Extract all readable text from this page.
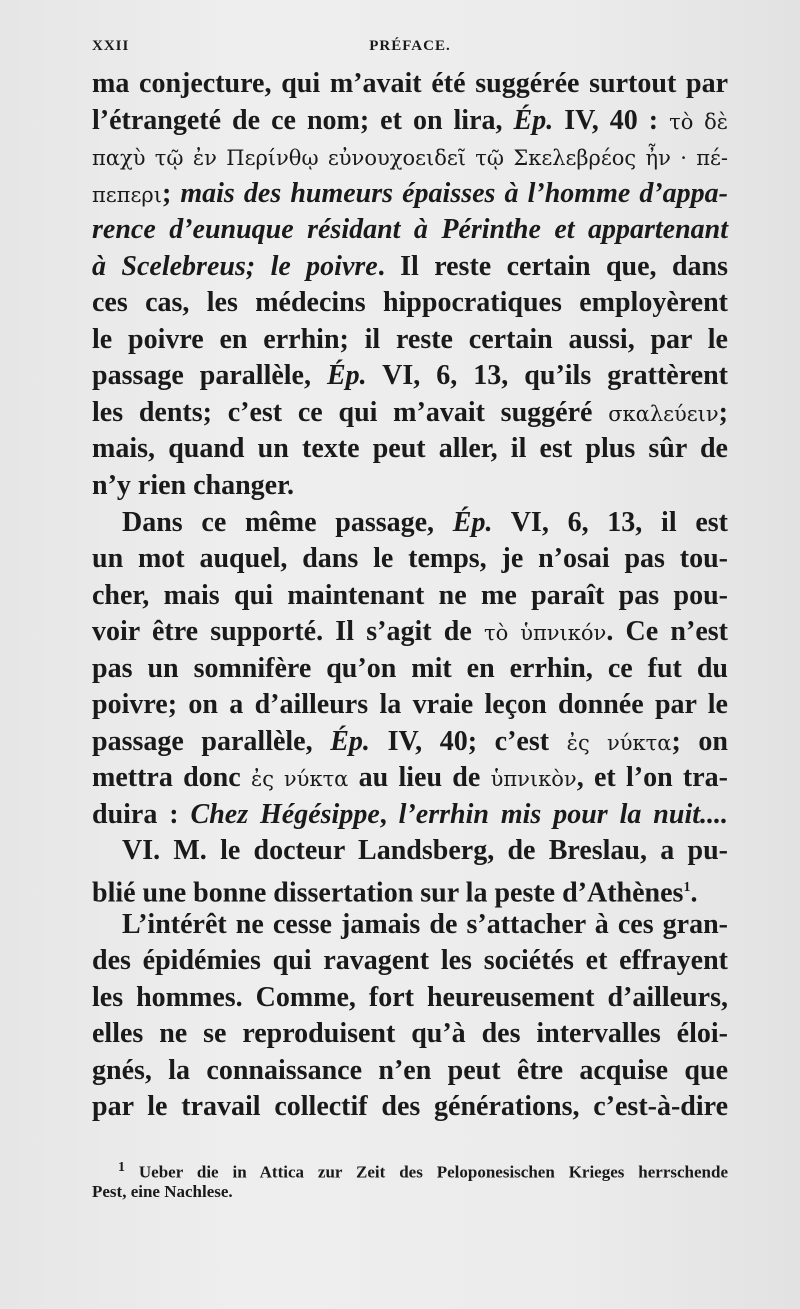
XXII	PRÉFACE.
ma conjecture, qui m’avait été suggérée surtout par
l’étrangeté de ce nom; et on lira, Ép. IV, 40 : τὸ δὲ
παχὺ τῷ ἐν Περίνθῳ εὐνουχοειδεῖ τῷ Σκελεβρέος ἦν · πέ-
πεπερι; mais des humeurs épaisses à l’homme d’appa-
rence d’eunuque résidant à Périnthe et appartenant
à Scelebreus; le poivre. Il reste certain que, dans
ces cas, les médecins hippocratiques employèrent
le poivre en errhin; il reste certain aussi, par le
passage parallèle, Ép. VI, 6, 13, qu’ils grattèrent
les dents; c’est ce qui m’avait suggéré σκαλεύειν;
mais, quand un texte peut aller, il est plus sûr de
n’y rien changer.
Dans ce même passage, Ép. VI, 6, 13, il est
un mot auquel, dans le temps, je n’osai pas tou-
cher, mais qui maintenant ne me paraît pas pou-
voir être supporté. Il s’agit de τὸ ὑπνικόν. Ce n’est
pas un somnifère qu’on mit en errhin, ce fut du
poivre; on a d’ailleurs la vraie leçon donnée par le
passage parallèle, Ép. IV, 40; c’est ἐς νύκτα; on
mettra donc ἐς νύκτα au lieu de ὑπνικὸν, et l’on tra-
duira : Chez Hégésippe, l’errhin mis pour la nuit....
VI. M. le docteur Landsberg, de Breslau, a pu-
blié une bonne dissertation sur la peste d’Athènes$^1$.
L’intérêt ne cesse jamais de s’attacher à ces gran-
des épidémies qui ravagent les sociétés et effrayent
les hommes. Comme, fort heureusement d’ailleurs,
elles ne se reproduisent qu’à des intervalles éloi-
gnés, la connaissance n’en peut être acquise que
par le travail collectif des générations, c’est-à-dire
$^1$ Ueber die in Attica zur Zeit des Peloponesischen Krieges herrschende
Pest, eine Nachlese.
